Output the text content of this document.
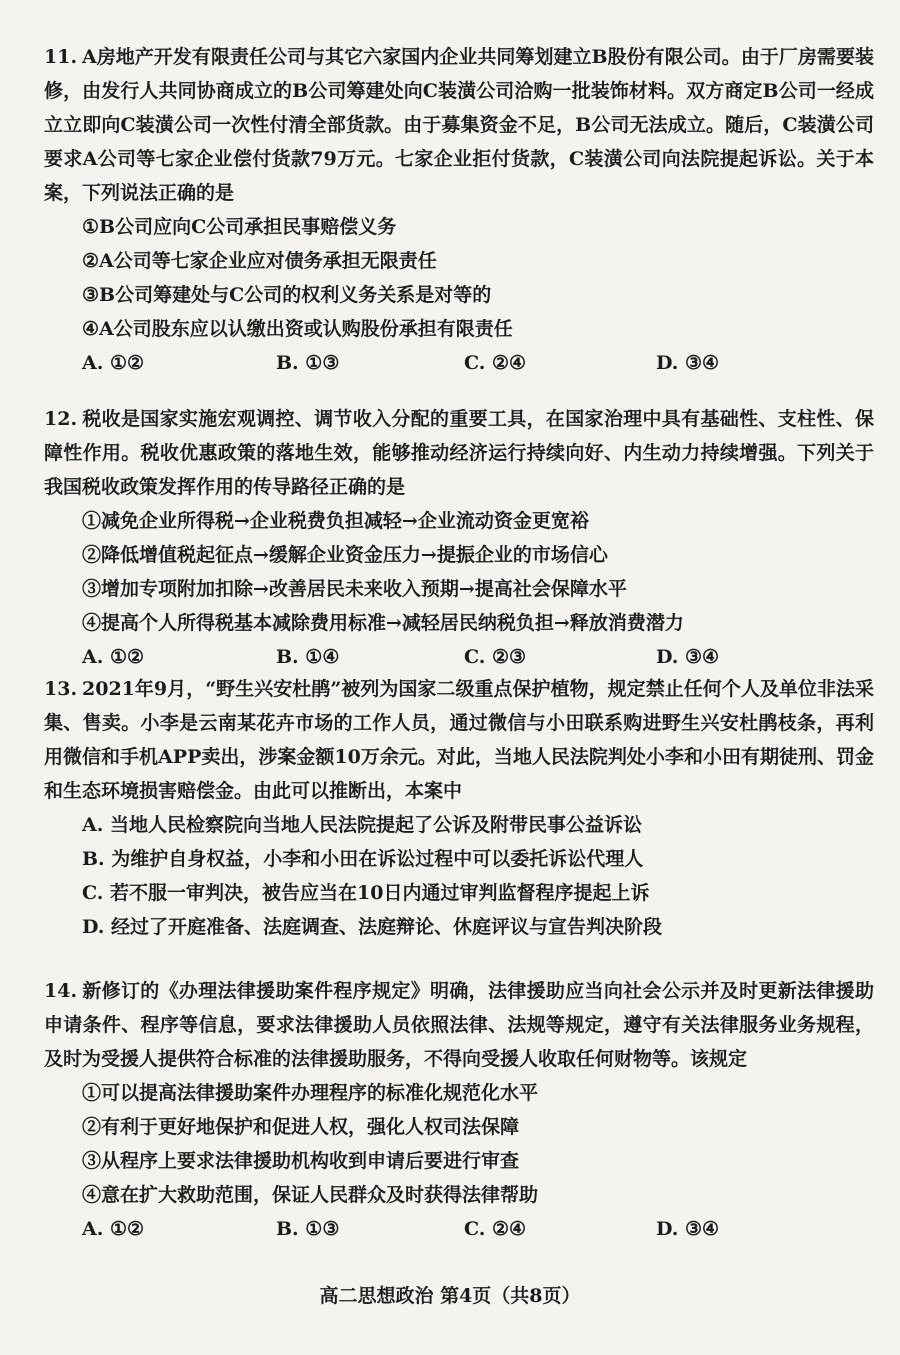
11. A房地产开发有限责任公司与其它六家国内企业共同筹划建立B股份有限公司。由于厂房需要装修，由发行人共同协商成立的B公司筹建处向C装潢公司洽购一批装饰材料。双方商定B公司一经成立立即向C装潢公司一次性付清全部货款。由于募集资金不足，B公司无法成立。随后，C装潢公司要求A公司等七家企业偿付货款79万元。七家企业拒付货款，C装潢公司向法院提起诉讼。关于本案，下列说法正确的是

①B公司应向C公司承担民事赔偿义务
②A公司等七家企业应对债务承担无限责任
③B公司筹建处与C公司的权利义务关系是对等的
④A公司股东应以认缴出资或认购股份承担有限责任
A. ①②	B. ①③	C. ②④	D. ③④

12. 税收是国家实施宏观调控、调节收入分配的重要工具，在国家治理中具有基础性、支柱性、保障性作用。税收优惠政策的落地生效，能够推动经济运行持续向好、内生动力持续增强。下列关于我国税收政策发挥作用的传导路径正确的是

①减免企业所得税→企业税费负担减轻→企业流动资金更宽裕
②降低增值税起征点→缓解企业资金压力→提振企业的市场信心
③增加专项附加扣除→改善居民未来收入预期→提高社会保障水平
④提高个人所得税基本减除费用标准→减轻居民纳税负担→释放消费潜力
A. ①②	B. ①④	C. ②③	D. ③④

13. 2021年9月，“野生兴安杜鹃”被列为国家二级重点保护植物，规定禁止任何个人及单位非法采集、售卖。小李是云南某花卉市场的工作人员，通过微信与小田联系购进野生兴安杜鹃枝条，再利用微信和手机APP卖出，涉案金额10万余元。对此，当地人民法院判处小李和小田有期徒刑、罚金和生态环境损害赔偿金。由此可以推断出，本案中

A. 当地人民检察院向当地人民法院提起了公诉及附带民事公益诉讼
B. 为维护自身权益，小李和小田在诉讼过程中可以委托诉讼代理人
C. 若不服一审判决，被告应当在10日内通过审判监督程序提起上诉
D. 经过了开庭准备、法庭调查、法庭辩论、休庭评议与宣告判决阶段

14. 新修订的《办理法律援助案件程序规定》明确，法律援助应当向社会公示并及时更新法律援助申请条件、程序等信息，要求法律援助人员依照法律、法规等规定，遵守有关法律服务业务规程，及时为受援人提供符合标准的法律援助服务，不得向受援人收取任何财物等。该规定

①可以提高法律援助案件办理程序的标准化规范化水平
②有利于更好地保护和促进人权，强化人权司法保障
③从程序上要求法律援助机构收到申请后要进行审查
④意在扩大救助范围，保证人民群众及时获得法律帮助
A. ①②	B. ①③	C. ②④	D. ③④
高二思想政治 第4页（共8页）
